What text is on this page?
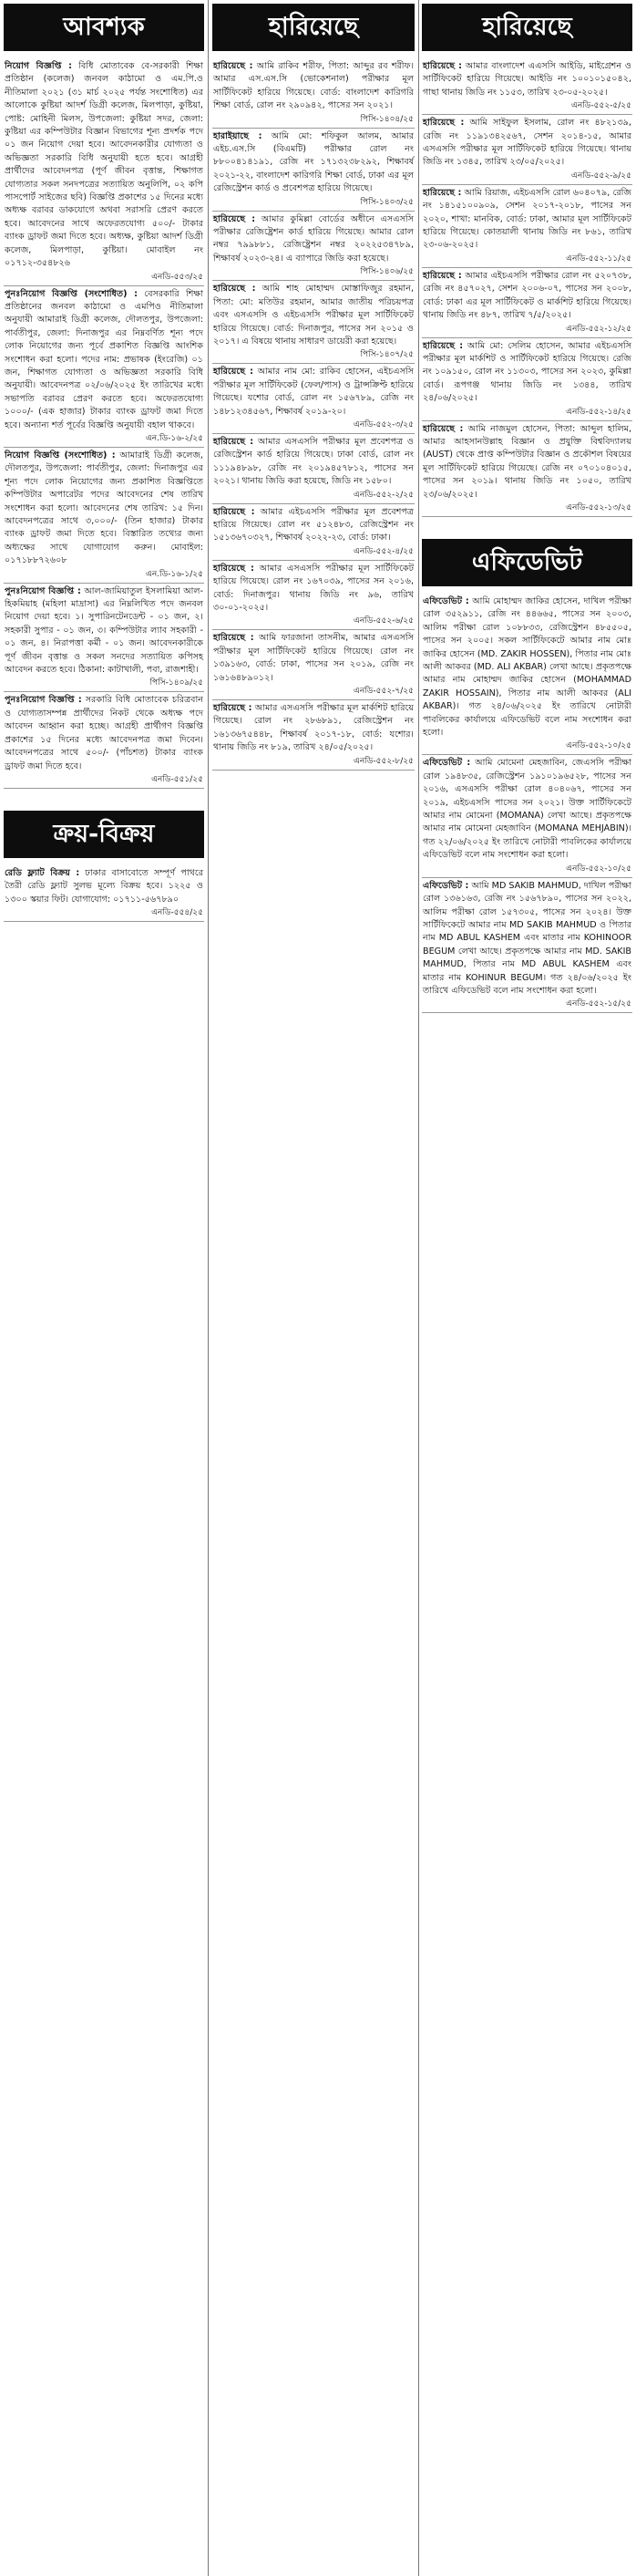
আবশ্যক
নিয়োগ বিজ্ঞপ্তি : বিধি মোতাবেক বে-সরকারী শিক্ষা প্রতিষ্ঠান (কলেজ) জনবল কাঠামো ও এম.পি.ও নীতিমালা ২০২১ (৩১ মার্চ ২০২৫ পর্যন্ত সংশোধিত) এর আলোকে কুষ্টিয়া আদর্শ ডিগ্রী কলেজ, মিলপাড়া, কুষ্টিয়া, পোষ্ট: মোহিনী মিলস, উপজেলা: কুষ্টিয়া সদর, জেলা: কুষ্টিয়া এর কম্পিউটার বিজ্ঞান বিভাগের শূন্য প্রদর্শক পদে ০১ জন নিয়োগ দেয়া হবে। আবেদনকারীর যোগ্যতা ও অভিজ্ঞতা সরকারি বিধি অনুযায়ী হতে হবে। আগ্রহী প্রার্থীদের আবেদনপত্র (পূর্ণ জীবন বৃত্তান্ত, শিক্ষাগত যোগ্যতার সকল সনদপত্রের সত্যায়িত অনুলিপি, ০২ কপি পাসপোর্ট সাইজের ছবি) বিজ্ঞপ্তি প্রকাশের ১৫ দিনের মধ্যে অধ্যক্ষ বরাবর ডাকযোগে অথবা সরাসরি প্রেরণ করতে হবে। আবেদনের সাথে অফেরতযোগ্য ৫০০/- টাকার ব্যাংক ড্রাফট জমা দিতে হবে। অধ্যক্ষ, কুষ্টিয়া আদর্শ ডিগ্রী কলেজ, মিলপাড়া, কুষ্টিয়া। মোবাইল নং ০১৭১২-৩৫৪৮২৬
এনডি-৫৫৩/২৫
পুনঃনিয়োগ বিজ্ঞপ্তি (সংশোধিত) : বেসরকারি শিক্ষা প্রতিষ্ঠানের জনবল কাঠামো ও এমপিও নীতিমালা অনুযায়ী আমারাই ডিগ্রী কলেজ, দৌলতপুর, উপজেলা: পার্বতীপুর, জেলা: দিনাজপুর এর নিম্নবর্ণিত শূন্য পদে লোক নিয়োগের জন্য পূর্বে প্রকাশিত বিজ্ঞপ্তি আংশিক সংশোধন করা হলো। পদের নাম: প্রভাষক (ইংরেজি) ০১ জন, শিক্ষাগত যোগ্যতা ও অভিজ্ঞতা সরকারি বিধি অনুযায়ী। আবেদনপত্র ০২/০৬/২০২৫ ইং তারিখের মধ্যে সভাপতি বরাবর প্রেরণ করতে হবে। অফেরতযোগ্য ১০০০/- (এক হাজার) টাকার ব্যাংক ড্রাফট জমা দিতে হবে। অন্যান্য শর্ত পূর্বের বিজ্ঞপ্তি অনুযায়ী বহাল থাকবে।
এন.ডি-১৬-২/২৫
নিয়োগ বিজ্ঞপ্তি (সংশোধিত) : আমারাই ডিগ্রী কলেজ, দৌলতপুর, উপজেলা: পার্বতীপুর, জেলা: দিনাজপুর এর শূন্য পদে লোক নিয়োগের জন্য প্রকাশিত বিজ্ঞপ্তিতে কম্পিউটার অপারেটর পদের আবেদনের শেষ তারিখ সংশোধন করা হলো। আবেদনের শেষ তারিখ: ১৫ দিন। আবেদনপত্রের সাথে ৩,০০০/- (তিন হাজার) টাকার ব্যাংক ড্রাফট জমা দিতে হবে। বিস্তারিত তথ্যের জন্য অধ্যক্ষের সাথে যোগাযোগ করুন। মোবাইল: ০১৭১৮৮৭২৬০৮
এন.ডি-১৬-১/২৫
পুনঃনিয়োগ বিজ্ঞপ্তি : আল-জামিয়াতুল ইসলামিয়া আল-হিকমিয়াহ (মহিলা মাদ্রাসা) এর নিম্নলিখিত পদে জনবল নিয়োগ দেয়া হবে। ১। সুপারিনটেনডেন্ট - ০১ জন, ২। সহকারী সুপার - ০১ জন, ৩। কম্পিউটার ল্যাব সহকারী - ০১ জন, ৪। নিরাপত্তা কর্মী - ০১ জন। আবেদনকারীকে পূর্ণ জীবন বৃত্তান্ত ও সকল সনদের সত্যায়িত কপিসহ আবেদন করতে হবে। ঠিকানা: কাটাখালী, পবা, রাজশাহী।
পিসি-১৪০৯/২৫
পুনঃনিয়োগ বিজ্ঞপ্তি : সরকারি বিধি মোতাবেক চরিত্রবান ও যোগ্যতাসম্পন্ন প্রার্থীদের নিকট থেকে অধ্যক্ষ পদে আবেদন আহ্বান করা হচ্ছে। আগ্রহী প্রার্থীগণ বিজ্ঞপ্তি প্রকাশের ১৫ দিনের মধ্যে আবেদনপত্র জমা দিবেন। আবেদনপত্রের সাথে ৫০০/- (পাঁচশত) টাকার ব্যাংক ড্রাফট জমা দিতে হবে।
এনডি-৫৫১/২৫
ক্রয়-বিক্রয়
রেডি ফ্ল্যাট বিক্রয় : ঢাকার বাসাবোতে সম্পূর্ণ পাথরে তৈরী রেডি ফ্ল্যাট সুলভ মূল্যে বিক্রয় হবে। ১২২৫ ও ১৩০০ স্কয়ার ফিট। যোগাযোগ: ০১৭১১-৫৬৭৮৯০
এনডি-৫৫৪/২৫
হারিয়েছে
হারিয়েছে : আমি রাকিব শরীফ, পিতা: আব্দুর রব শরীফ। আমার এস.এস.সি (ভোকেশনাল) পরীক্ষার মূল সার্টিফিকেট হারিয়ে গিয়েছে। বোর্ড: বাংলাদেশ কারিগরি শিক্ষা বোর্ড, রোল নং ২৯০৯৪২, পাসের সন ২০২১।
পিসি-১৪০৪/২৫
হারাইয়াছে : আমি মো: শফিকুল আলম, আমার এইচ.এস.সি (বিএমটি) পরীক্ষার রোল নং ৮৮০০৪১৪১৯১, রেজি নং ১৭১৩২৩৮২৯২, শিক্ষাবর্ষ ২০২১-২২, বাংলাদেশ কারিগরি শিক্ষা বোর্ড, ঢাকা এর মূল রেজিস্ট্রেশন কার্ড ও প্রবেশপত্র হারিয়ে গিয়েছে।
পিসি-১৪০৩/২৫
হারিয়েছে : আমার কুমিল্লা বোর্ডের অধীনে এসএসসি পরীক্ষার রেজিষ্ট্রেশন কার্ড হারিয়ে গিয়েছে। আমার রোল নম্বর ৭৯৯৮৮১, রেজিষ্ট্রেশন নম্বর ২০২২৫৩৪৭৮৯, শিক্ষাবর্ষ ২০২৩-২৪। এ ব্যাপারে জিডি করা হয়েছে।
পিসি-১৪০৬/২৫
হারিয়েছে : আমি শাহ মোহাম্মদ মোস্তাফিজুর রহমান, পিতা: মো: মতিউর রহমান, আমার জাতীয় পরিচয়পত্র এবং এসএসসি ও এইচএসসি পরীক্ষার মূল সার্টিফিকেট হারিয়ে গিয়েছে। বোর্ড: দিনাজপুর, পাসের সন ২০১৫ ও ২০১৭। এ বিষয়ে থানায় সাধারণ ডায়েরী করা হয়েছে।
পিসি-১৪০৭/২৫
হারিয়েছে : আমার নাম মো: রাকিব হোসেন, এইচএসসি পরীক্ষার মূল সার্টিফিকেট (ফেল/পাস) ও ট্রান্সক্রিপ্ট হারিয়ে গিয়েছে। যশোর বোর্ড, রোল নং ১৫৬৭৮৯, রেজি নং ১৪৮১২৩৪৫৬৭, শিক্ষাবর্ষ ২০১৯-২০।
এনডি-৫৫২-৩/২৫
হারিয়েছে : আমার এসএসসি পরীক্ষার মূল প্রবেশপত্র ও রেজিস্ট্রেশন কার্ড হারিয়ে গিয়েছে। ঢাকা বোর্ড, রোল নং ১১১৯৪৮৯৮, রেজি নং ২০১৯৪৫৭৮১২, পাসের সন ২০২১। থানায় জিডি করা হয়েছে, জিডি নং ১৫৮০।
এনডি-৫৫২-২/২৫
হারিয়েছে : আমার এইচএসসি পরীক্ষার মূল প্রবেশপত্র হারিয়ে গিয়েছে। রোল নং ৫১২৪৮৩, রেজিস্ট্রেশন নং ১৫১৩৬৭০৩২৭, শিক্ষাবর্ষ ২০২২-২৩, বোর্ড: ঢাকা।
এনডি-৫৫২-৪/২৫
হারিয়েছে : আমার এসএসসি পরীক্ষার মূল সার্টিফিকেট হারিয়ে গিয়েছে। রোল নং ১৬৭০৩৯, পাসের সন ২০১৬, বোর্ড: দিনাজপুর। থানায় জিডি নং ৯৬, তারিখ ৩০-০১-২০২৫।
এনডি-৫৫২-৬/২৫
হারিয়েছে : আমি ফারজানা তাসনীম, আমার এসএসসি পরীক্ষার মূল সার্টিফিকেট হারিয়ে গিয়েছে। রোল নং ১৩৯১৬৩, বোর্ড: ঢাকা, পাসের সন ২০১৯, রেজি নং ১৬১৬৪৮৯০১২।
এনডি-৫৫২-৭/২৫
হারিয়েছে : আমার এসএসসি পরীক্ষার মূল মার্কশিট হারিয়ে গিয়েছে। রোল নং ২৮৬৮৯১, রেজিস্ট্রেশন নং ১৬১৩৬৭৫৪৪৮, শিক্ষাবর্ষ ২০১৭-১৮, বোর্ড: যশোর। থানায় জিডি নং ৮১৯, তারিখ ২৪/০৫/২০২৫।
এনডি-৫৫২-৮/২৫
হারিয়েছে
হারিয়েছে : আমার বাংলাদেশ এএসসি আইডি, মাইগ্রেশন ও সার্টিফিকেট হারিয়ে গিয়েছে। আইডি নং ১০০১০১৫০৪২, গাছা থানায় জিডি নং ১১৫৩, তারিখ ২৩-০৫-২০২৫।
এনডি-৫৫২-৫/২৫
হারিয়েছে : আমি সাইফুল ইসলাম, রোল নং ৪৮২১৩৯, রেজি নং ১১৯১৩৪২৫৬৭, সেশন ২০১৪-১৫, আমার এসএসসি পরীক্ষার মূল সার্টিফিকেট হারিয়ে গিয়েছে। থানায় জিডি নং ১৩৪৫, তারিখ ২৩/০৫/২০২৫।
এনডি-৫৫২-৯/২৫
হারিয়েছে : আমি রিয়াজ, এইচএসসি রোল ৬০৪০৭৯, রেজি নং ১৪১৫১০০৯০৯, সেশন ২০১৭-২০১৮, পাসের সন ২০২০, শাখা: মানবিক, বোর্ড: ঢাকা, আমার মূল সার্টিফিকেট হারিয়ে গিয়েছে। কোতয়ালী থানায় জিডি নং ৮৬১, তারিখ ২৩-০৬-২০২৫।
এনডি-৫৫২-১১/২৫
হারিয়েছে : আমার এইচএসসি পরীক্ষার রোল নং ৫২০৭৩৮, রেজি নং ৪৫৭০২৭, সেশন ২০০৬-০৭, পাসের সন ২০০৮, বোর্ড: ঢাকা এর মূল সার্টিফিকেট ও মার্কশিট হারিয়ে গিয়েছে। থানায় জিডি নং ৪৮৭, তারিখ ৭/৫/২০২৫।
এনডি-৫৫২-১২/২৫
হারিয়েছে : আমি মো: সেলিম হোসেন, আমার এইচএসসি পরীক্ষার মূল মার্কশিট ও সার্টিফিকেট হারিয়ে গিয়েছে। রেজি নং ১০৯১৫০, রোল নং ১১৩০৩, পাসের সন ২০২৩, কুমিল্লা বোর্ড। রূপগঞ্জ থানায় জিডি নং ১৩৪৪, তারিখ ২৪/০৬/২০২৫।
এনডি-৫৫২-১৪/২৫
হারিয়েছে : আমি নাজমুল হোসেন, পিতা: আব্দুল হালিম, আমার আহসানউল্লাহ বিজ্ঞান ও প্রযুক্তি বিশ্ববিদ্যালয় (AUST) থেকে প্রাপ্ত কম্পিউটার বিজ্ঞান ও প্রকৌশল বিষয়ের মূল সার্টিফিকেট হারিয়ে গিয়েছে। রেজি নং ০৭০১০৪০১৫, পাসের সন ২০১৯। থানায় জিডি নং ১০৫০, তারিখ ২৩/০৬/২০২৫।
এনডি-৫৫২-১৩/২৫
এফিডেভিট
এফিডেভিট : আমি মোহাম্মদ জাকির হোসেন, দাখিল পরীক্ষা রোল ৩৫২৯১১, রেজি নং ৪৪৬৬৫, পাসের সন ২০০৩, আলিম পরীক্ষা রোল ১০৮৮৩৩, রেজিস্ট্রেশন ৪৮৫৫০৫, পাসের সন ২০০৫। সকল সার্টিফিকেটে আমার নাম মোঃ জাকির হোসেন (MD. ZAKIR HOSSEN), পিতার নাম মোঃ আলী আকবর (MD. ALI AKBAR) লেখা আছে। প্রকৃতপক্ষে আমার নাম মোহাম্মদ জাকির হোসেন (MOHAMMAD ZAKIR HOSSAIN), পিতার নাম আলী আকবর (ALI AKBAR)। গত ২৪/০৬/২০২৫ ইং তারিখে নোটারী পাবলিকের কার্যালয়ে এফিডেভিট বলে নাম সংশোধন করা হলো।
এনডি-৫৫২-১০/২৫
এফিডেভিট : আমি মোমেনা মেহজাবিন, জেএসসি পরীক্ষা রোল ১৯৪৮৩৫, রেজিস্ট্রেশন ১৯১০১৯৬৫২৮, পাসের সন ২০১৬, এসএসসি পরীক্ষা রোল ৪০৪০৬৭, পাসের সন ২০১৯, এইচএসসি পাসের সন ২০২১। উক্ত সার্টিফিকেটে আমার নাম মোমেনা (MOMANA) লেখা আছে। প্রকৃতপক্ষে আমার নাম মোমেনা মেহজাবিন (MOMANA MEHJABIN)। গত ২২/০৬/২০২৫ ইং তারিখে নোটারী পাবলিকের কার্যালয়ে এফিডেভিট বলে নাম সংশোধন করা হলো।
এনডি-৫৫২-১০/২৫
এফিডেভিট : আমি MD SAKIB MAHMUD, দাখিল পরীক্ষা রোল ১৩৬১৬৩, রেজি নং ১৫৬৭৮৯০, পাসের সন ২০২২, আলিম পরীক্ষা রোল ১৫৭৩০৫, পাসের সন ২০২৪। উক্ত সার্টিফিকেটে আমার নাম MD SAKIB MAHMUD ও পিতার নাম MD ABUL KASHEM এবং মাতার নাম KOHINOOR BEGUM লেখা আছে। প্রকৃতপক্ষে আমার নাম MD. SAKIB MAHMUD, পিতার নাম MD ABUL KASHEM এবং মাতার নাম KOHINUR BEGUM। গত ২৪/০৬/২০২৫ ইং তারিখে এফিডেভিট বলে নাম সংশোধন করা হলো।
এনডি-৫৫২-১৫/২৫
